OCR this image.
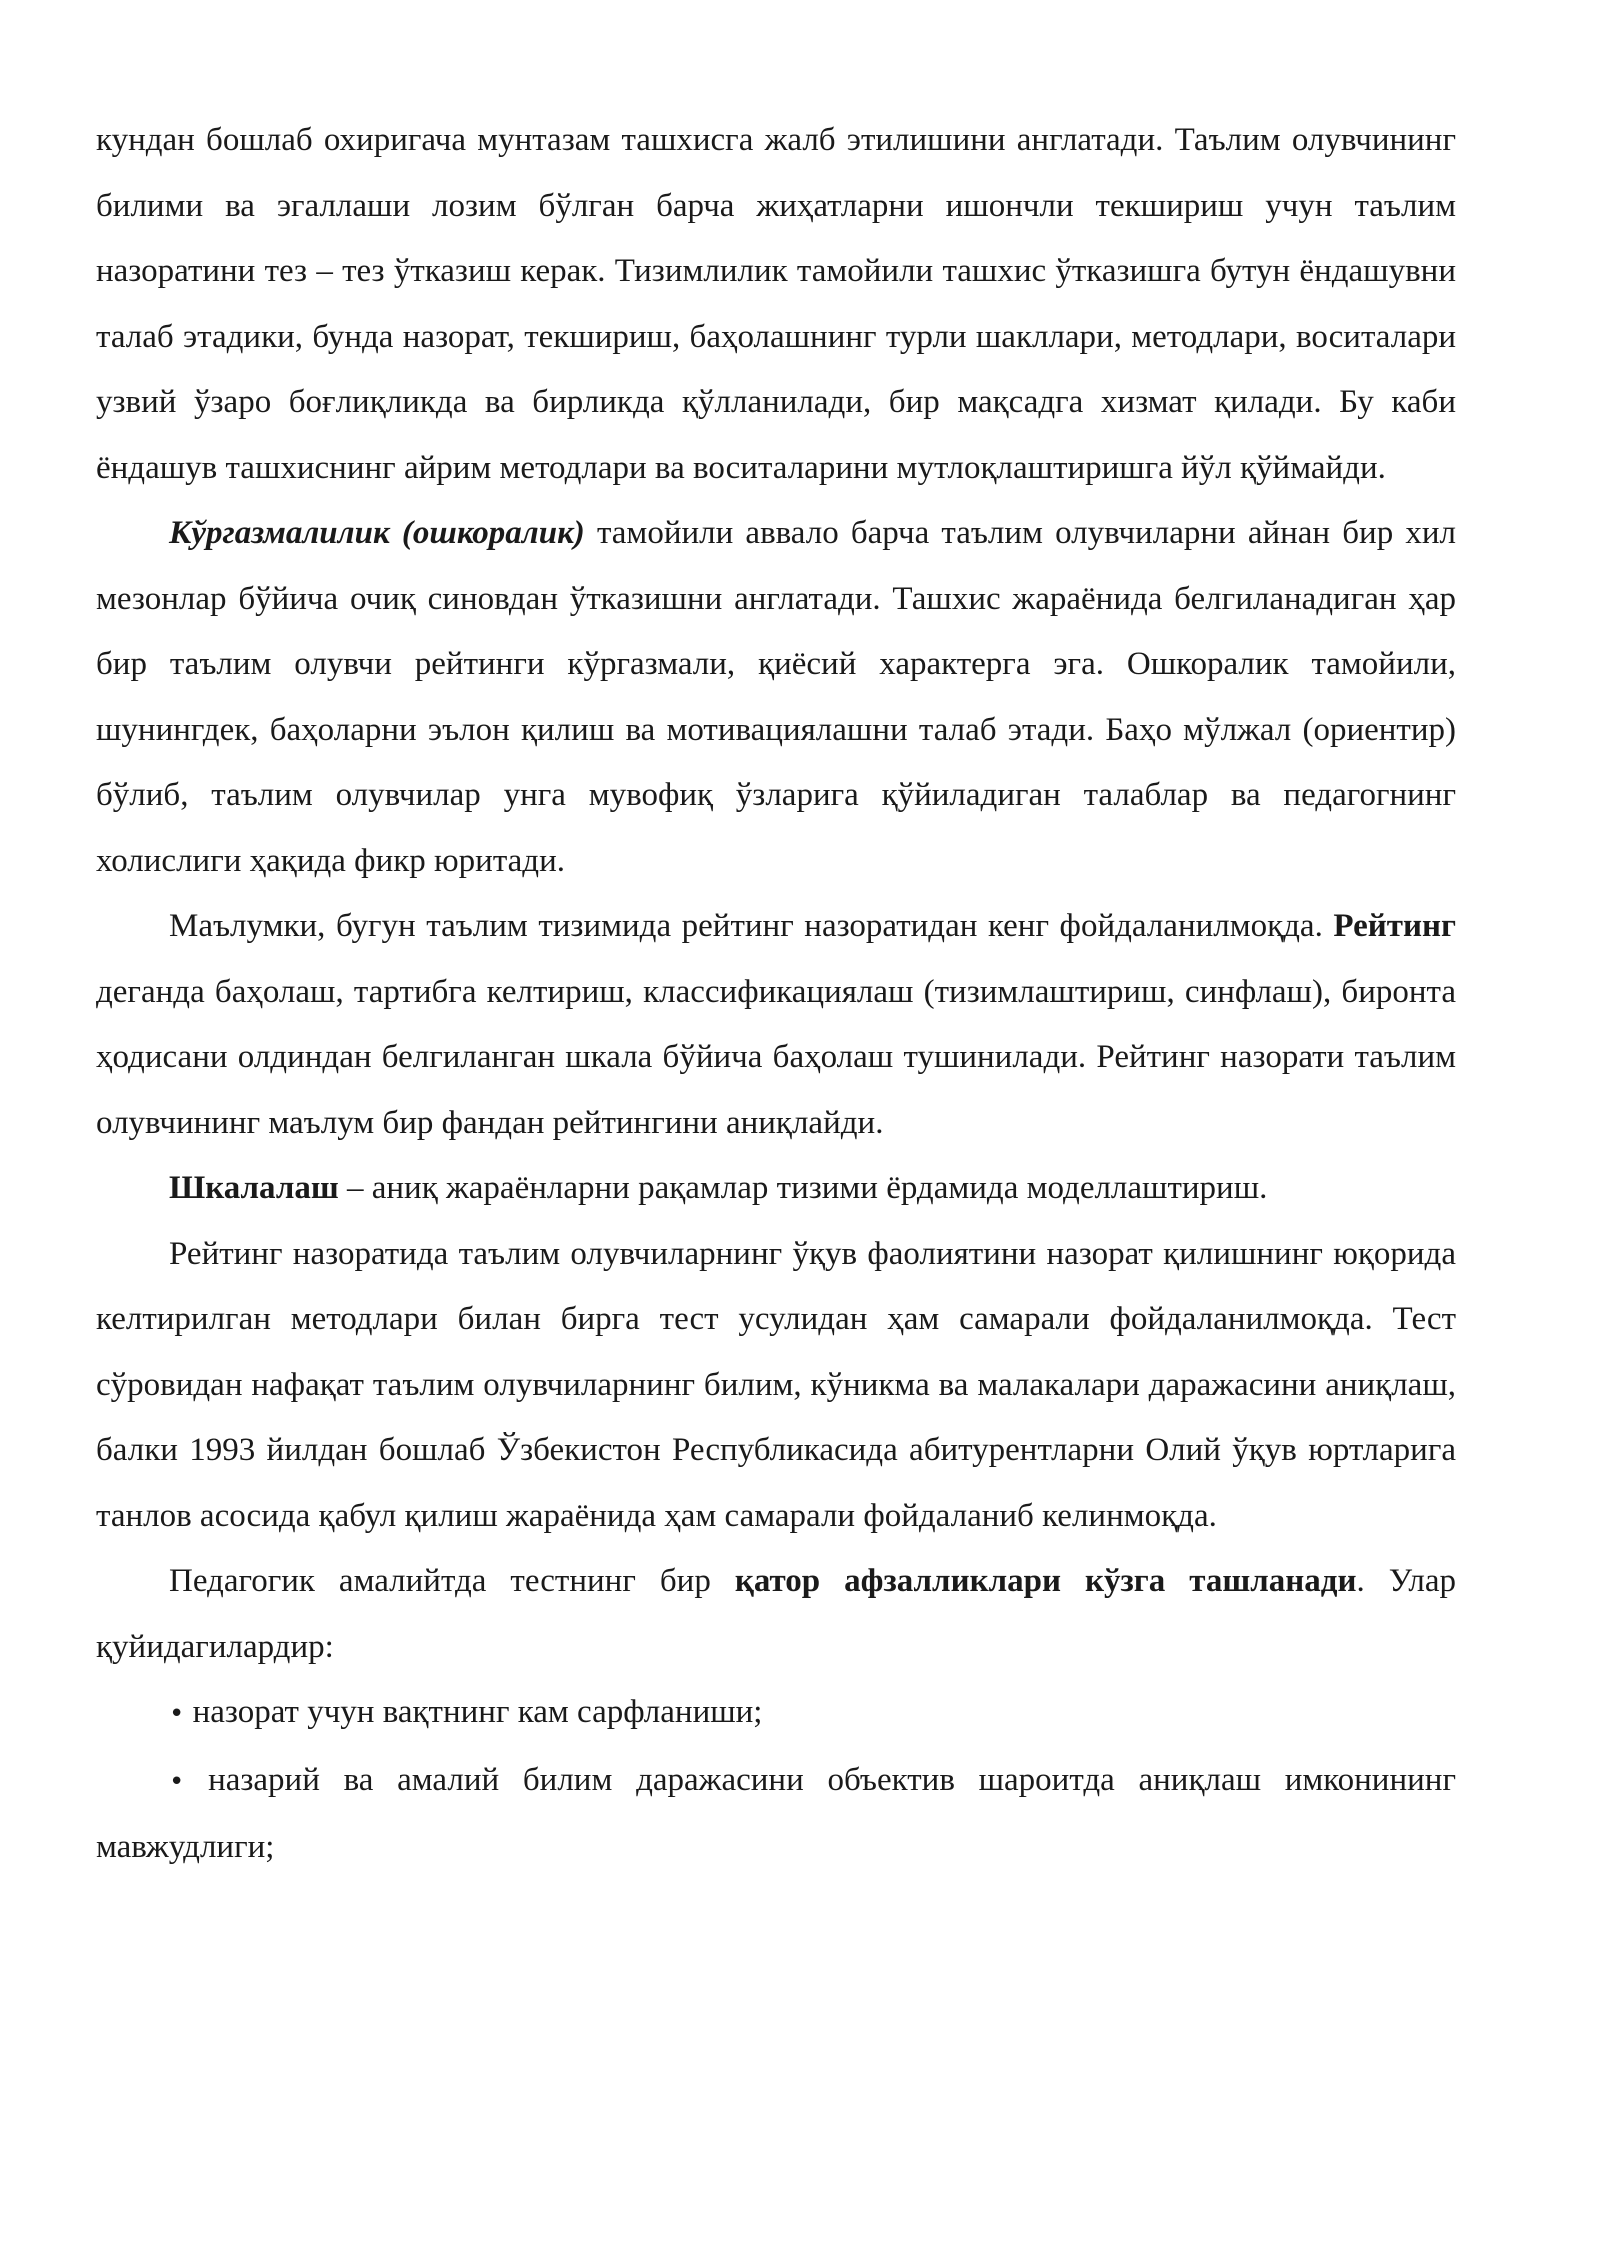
кундан бошлаб охиригача мунтазам ташхисга жалб этилишини англатади. Таълим олувчининг билими ва эгаллаши лозим бўлган барча жиҳатларни ишончли текшириш учун таълим назоратини тез – тез ўтказиш керак. Тизимлилик тамойили ташхис ўтказишга бутун ёндашувни талаб этадики, бунда назорат, текшириш, баҳолашнинг турли шакллари, методлари, воситалари узвий ўзаро боғлиқликда ва бирликда қўлланилади, бир мақсадга хизмат қилади. Бу каби ёндашув ташхиснинг айрим методлари ва воситаларини мутлоқлаштиришга йўл қўймайди.

Кўргазмалилик (ошкоралик) тамойили аввало барча таълим олувчиларни айнан бир хил мезонлар бўйича очиқ синовдан ўтказишни англатади. Ташхис жараёнида белгиланадиган ҳар бир таълим олувчи рейтинги кўргазмали, қиёсий характерга эга. Ошкоралик тамойили, шунингдек, баҳоларни эълон қилиш ва мотивациялашни талаб этади. Баҳо мўлжал (ориентир) бўлиб, таълим олувчилар унга мувофиқ ўзларига қўйиладиган талаблар ва педагогнинг холислиги ҳақида фикр юритади.

Маълумки, бугун таълим тизимида рейтинг назоратидан кенг фойдаланилмоқда. Рейтинг деганда баҳолаш, тартибга келтириш, классификациялаш (тизимлаштириш, синфлаш), биронта ҳодисани олдиндан белгиланган шкала бўйича баҳолаш тушинилади. Рейтинг назорати таълим олувчининг маълум бир фандан рейтингини аниқлайди.

Шкалалаш – аниқ жараёнларни рақамлар тизими ёрдамида моделлаштириш.

Рейтинг назоратида таълим олувчиларнинг ўқув фаолиятини назорат қилишнинг юқорида келтирилган методлари билан бирга тест усулидан ҳам самарали фойдаланилмоқда. Тест сўровидан нафақат таълим олувчиларнинг билим, кўникма ва малакалари даражасини аниқлаш, балки 1993 йилдан бошлаб Ўзбекистон Республикасида абитурентларни Олий ўқув юртларига танлов асосида қабул қилиш жараёнида ҳам самарали фойдаланиб келинмоқда.

Педагогик амалийтда тестнинг бир қатор афзалликлари кўзга ташланади. Улар қуйидагилардир:

• назорат учун вақтнинг кам сарфланиши;

• назарий ва амалий билим даражасини объектив шароитда аниқлаш имконининг мавжудлиги;
